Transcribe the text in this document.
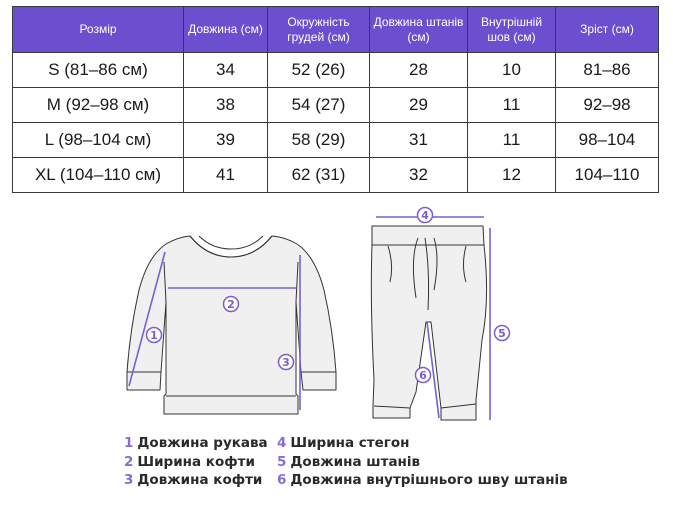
Розмір	Довжина (см)	Окружність грудей (см)	Довжина штанів (см)	Внутрішній шов (см)	Зріст (см)
S (81–86 см)	34	52 (26)	28	10	81–86
M (92–98 см)	38	54 (27)	29	11	92–98
L (98–104 см)	39	58 (29)	31	11	98–104
XL (104–110 см)	41	62 (31)	32	12	104–110
1
2
3
4
5
6
1 Довжина рукава
2 Ширина кофти
3 Довжина кофти
4 Ширина стегон
5 Довжина штанів
6 Довжина внутрішнього шву штанів
